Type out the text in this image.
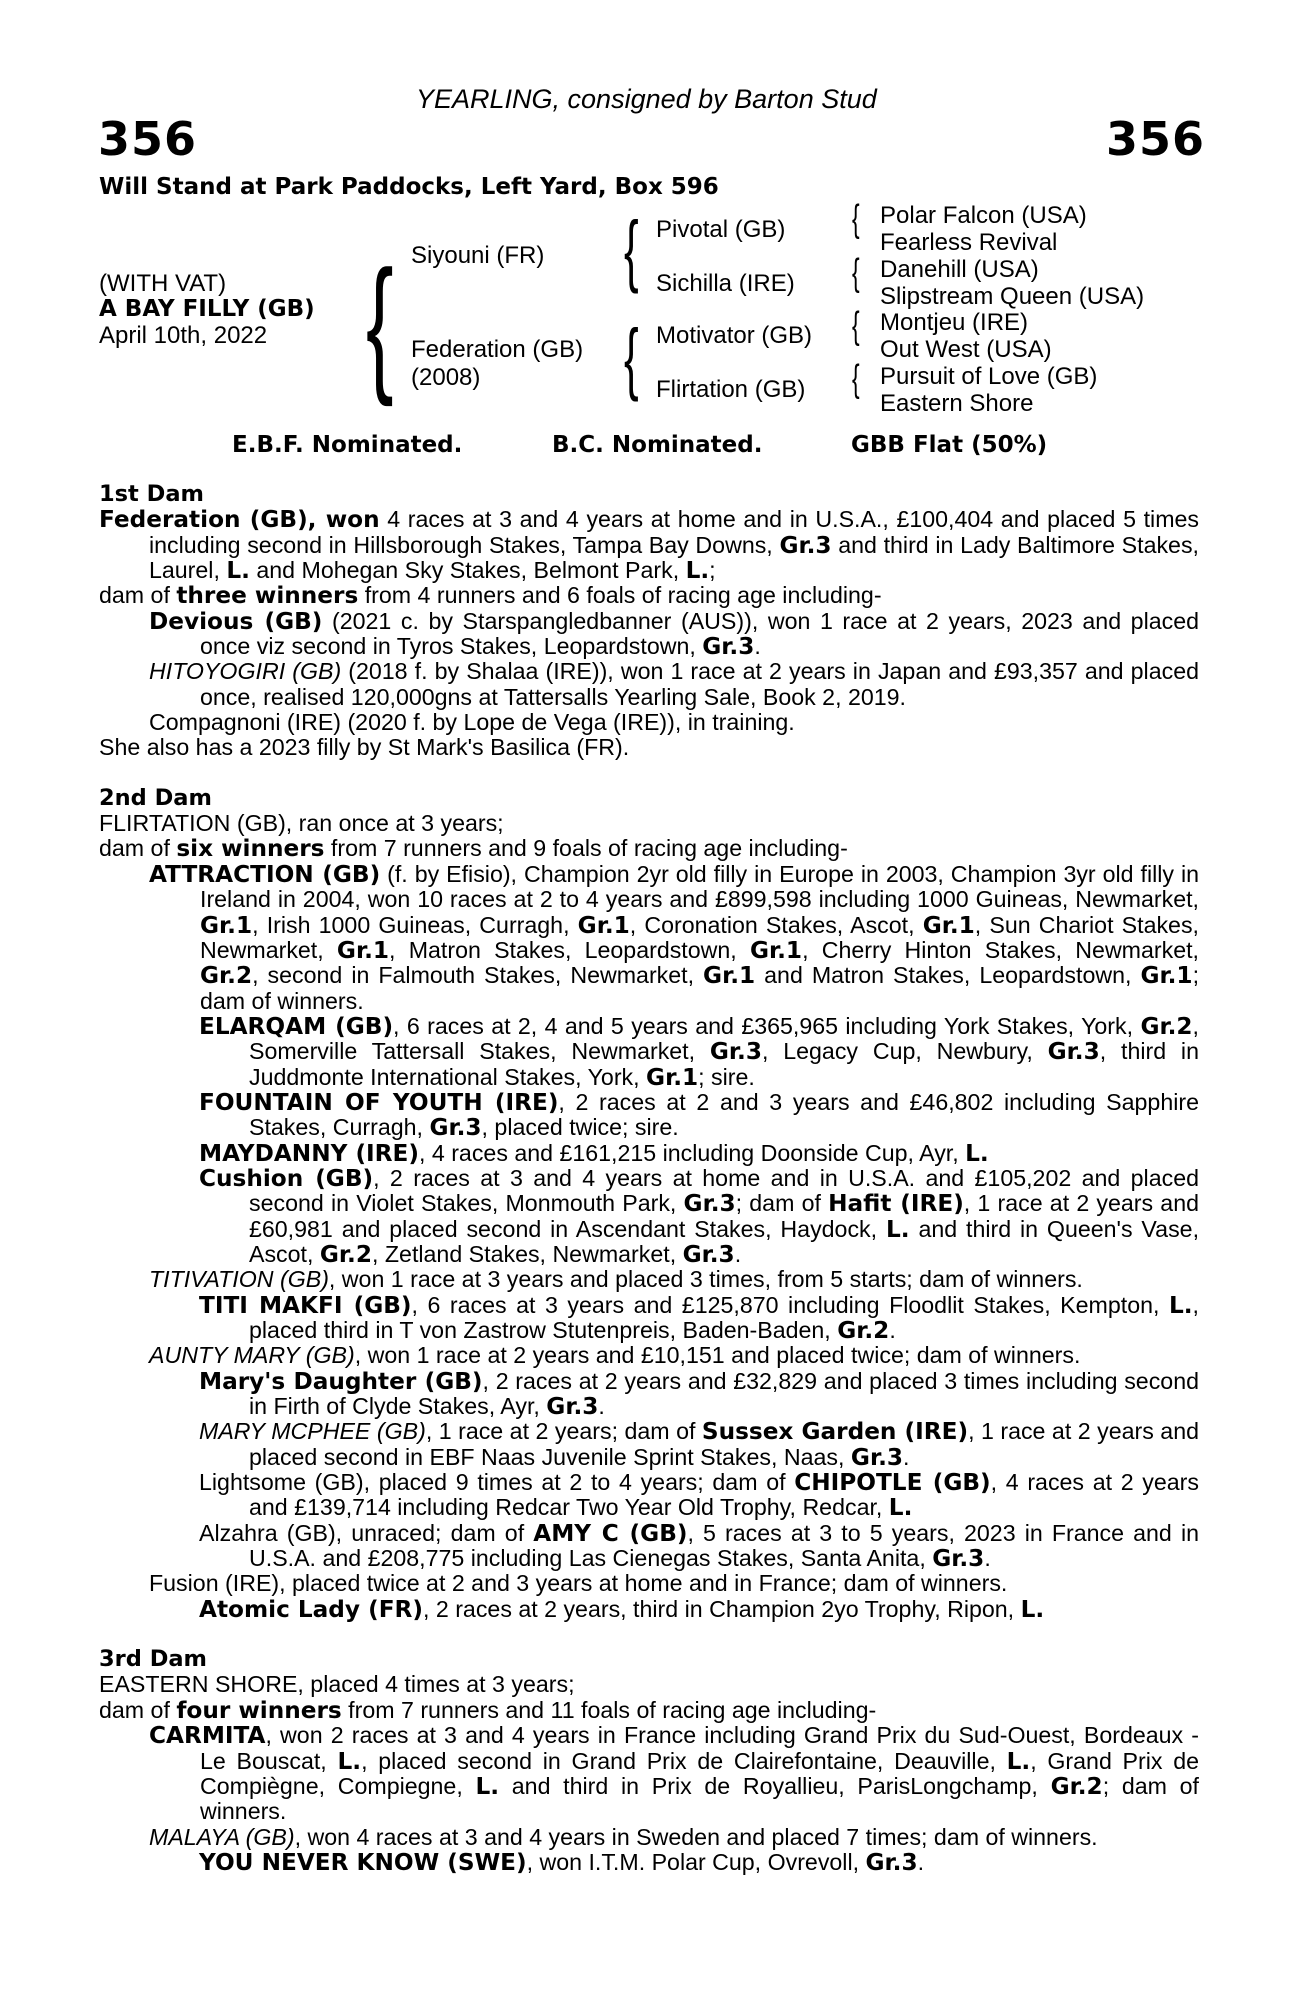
YEARLING, consigned by Barton Stud
356	356
Will Stand at Park Paddocks, Left Yard, Box 596
(WITH VAT)
A BAY FILLY (GB)
April 10th, 2022 { Siyouni (FR)
Federation (GB)
(2008)
{
{
Pivotal (GB)
Sichilla (IRE)
Motivator (GB)
Flirtation (GB)
{
{
{
{
Polar Falcon (USA)
Fearless Revival
Danehill (USA)
Slipstream Queen (USA)
Montjeu (IRE)
Out West (USA)
Pursuit of Love (GB)
Eastern Shore
E.B.F. Nominated.	B.C. Nominated.	GBB Flat (50%)
1st Dam
Federation (GB), won 4 races at 3 and 4 years at home and in U.S.A., £100,404 and placed 5 times including second in Hillsborough Stakes, Tampa Bay Downs, Gr.3 and third in Lady Baltimore Stakes, Laurel, L. and Mohegan Sky Stakes, Belmont Park, L.;
dam of three winners from 4 runners and 6 foals of racing age including-
Devious (GB) (2021 c. by Starspangledbanner (AUS)), won 1 race at 2 years, 2023 and placed once viz second in Tyros Stakes, Leopardstown, Gr.3.
HITOYOGIRI (GB) (2018 f. by Shalaa (IRE)), won 1 race at 2 years in Japan and £93,357 and placed once, realised 120,000gns at Tattersalls Yearling Sale, Book 2, 2019.
Compagnoni (IRE) (2020 f. by Lope de Vega (IRE)), in training.
She also has a 2023 filly by St Mark's Basilica (FR).
2nd Dam
FLIRTATION (GB), ran once at 3 years;
dam of six winners from 7 runners and 9 foals of racing age including-
ATTRACTION (GB) (f. by Efisio), Champion 2yr old filly in Europe in 2003, Champion 3yr old filly in Ireland in 2004, won 10 races at 2 to 4 years and £899,598 including 1000 Guineas, Newmarket, Gr.1, Irish 1000 Guineas, Curragh, Gr.1, Coronation Stakes, Ascot, Gr.1, Sun Chariot Stakes, Newmarket, Gr.1, Matron Stakes, Leopardstown, Gr.1, Cherry Hinton Stakes, Newmarket, Gr.2, second in Falmouth Stakes, Newmarket, Gr.1 and Matron Stakes, Leopardstown, Gr.1; dam of winners.
ELARQAM (GB), 6 races at 2, 4 and 5 years and £365,965 including York Stakes, York, Gr.2, Somerville Tattersall Stakes, Newmarket, Gr.3, Legacy Cup, Newbury, Gr.3, third in Juddmonte International Stakes, York, Gr.1; sire.
FOUNTAIN OF YOUTH (IRE), 2 races at 2 and 3 years and £46,802 including Sapphire Stakes, Curragh, Gr.3, placed twice; sire.
MAYDANNY (IRE), 4 races and £161,215 including Doonside Cup, Ayr, L.
Cushion (GB), 2 races at 3 and 4 years at home and in U.S.A. and £105,202 and placed second in Violet Stakes, Monmouth Park, Gr.3; dam of Hafit (IRE), 1 race at 2 years and £60,981 and placed second in Ascendant Stakes, Haydock, L. and third in Queen's Vase, Ascot, Gr.2, Zetland Stakes, Newmarket, Gr.3.
TITIVATION (GB), won 1 race at 3 years and placed 3 times, from 5 starts; dam of winners.
TITI MAKFI (GB), 6 races at 3 years and £125,870 including Floodlit Stakes, Kempton, L., placed third in T von Zastrow Stutenpreis, Baden-Baden, Gr.2.
AUNTY MARY (GB), won 1 race at 2 years and £10,151 and placed twice; dam of winners.
Mary's Daughter (GB), 2 races at 2 years and £32,829 and placed 3 times including second in Firth of Clyde Stakes, Ayr, Gr.3.
MARY MCPHEE (GB), 1 race at 2 years; dam of Sussex Garden (IRE), 1 race at 2 years and placed second in EBF Naas Juvenile Sprint Stakes, Naas, Gr.3.
Lightsome (GB), placed 9 times at 2 to 4 years; dam of CHIPOTLE (GB), 4 races at 2 years and £139,714 including Redcar Two Year Old Trophy, Redcar, L.
Alzahra (GB), unraced; dam of AMY C (GB), 5 races at 3 to 5 years, 2023 in France and in U.S.A. and £208,775 including Las Cienegas Stakes, Santa Anita, Gr.3.
Fusion (IRE), placed twice at 2 and 3 years at home and in France; dam of winners.
Atomic Lady (FR), 2 races at 2 years, third in Champion 2yo Trophy, Ripon, L.
3rd Dam
EASTERN SHORE, placed 4 times at 3 years;
dam of four winners from 7 runners and 11 foals of racing age including-
CARMITA, won 2 races at 3 and 4 years in France including Grand Prix du Sud-Ouest, Bordeaux - Le Bouscat, L., placed second in Grand Prix de Clairefontaine, Deauville, L., Grand Prix de Compiègne, Compiegne, L. and third in Prix de Royallieu, ParisLongchamp, Gr.2; dam of winners.
MALAYA (GB), won 4 races at 3 and 4 years in Sweden and placed 7 times; dam of winners.
YOU NEVER KNOW (SWE), won I.T.M. Polar Cup, Ovrevoll, Gr.3.
